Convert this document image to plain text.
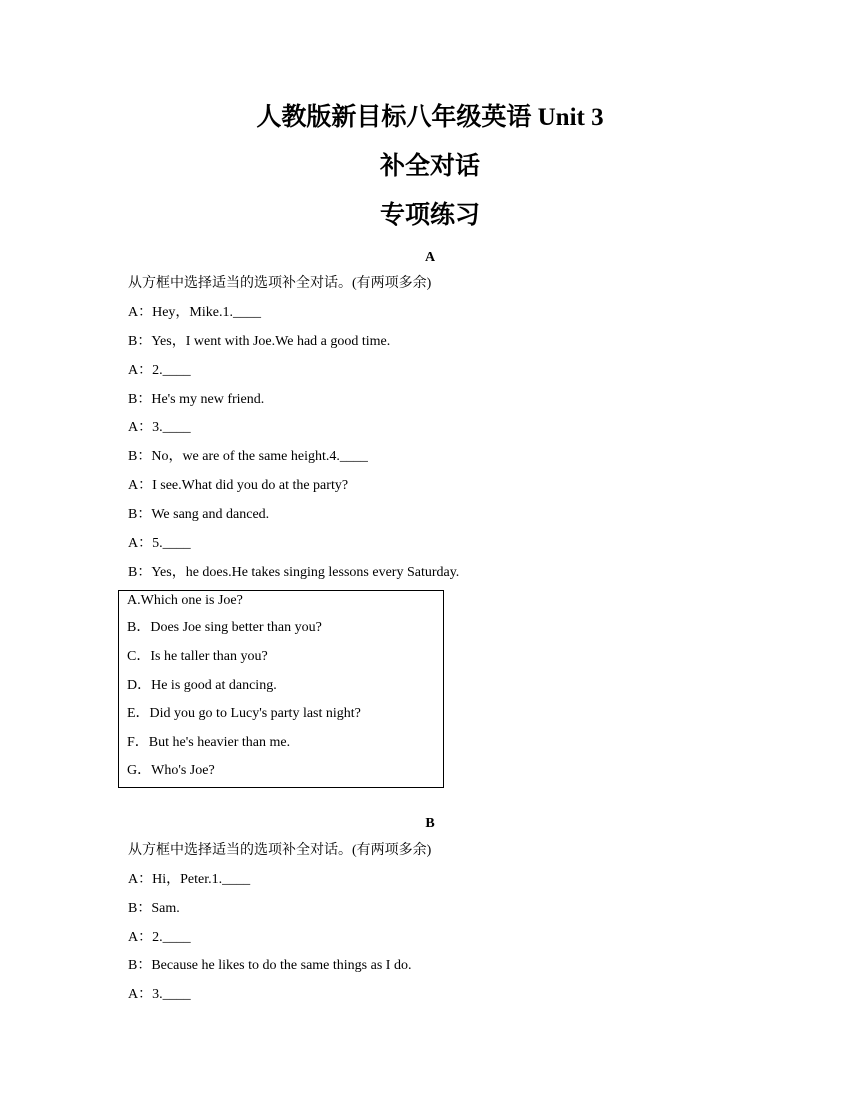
人教版新目标八年级英语 Unit 3
补全对话
专项练习
A
从方框中选择适当的选项补全对话。(有两项多余)
A：Hey，Mike.1.____
B：Yes，I went with Joe.We had a good time.
A：2.____
B：He's my new friend.
A：3.____
B：No，we are of the same height.4.____
A：I see.What did you do at the party?
B：We sang and danced.
A：5.____
B：Yes，he does.He takes singing lessons every Saturday.
A.Which one is Joe?
B．Does Joe sing better than you?
C．Is he taller than you?
D．He is good at dancing.
E．Did you go to Lucy's party last night?
F．But he's heavier than me.
G．Who's Joe?
B
从方框中选择适当的选项补全对话。(有两项多余)
A：Hi，Peter.1.____
B：Sam.
A：2.____
B：Because he likes to do the same things as I do.
A：3.____
